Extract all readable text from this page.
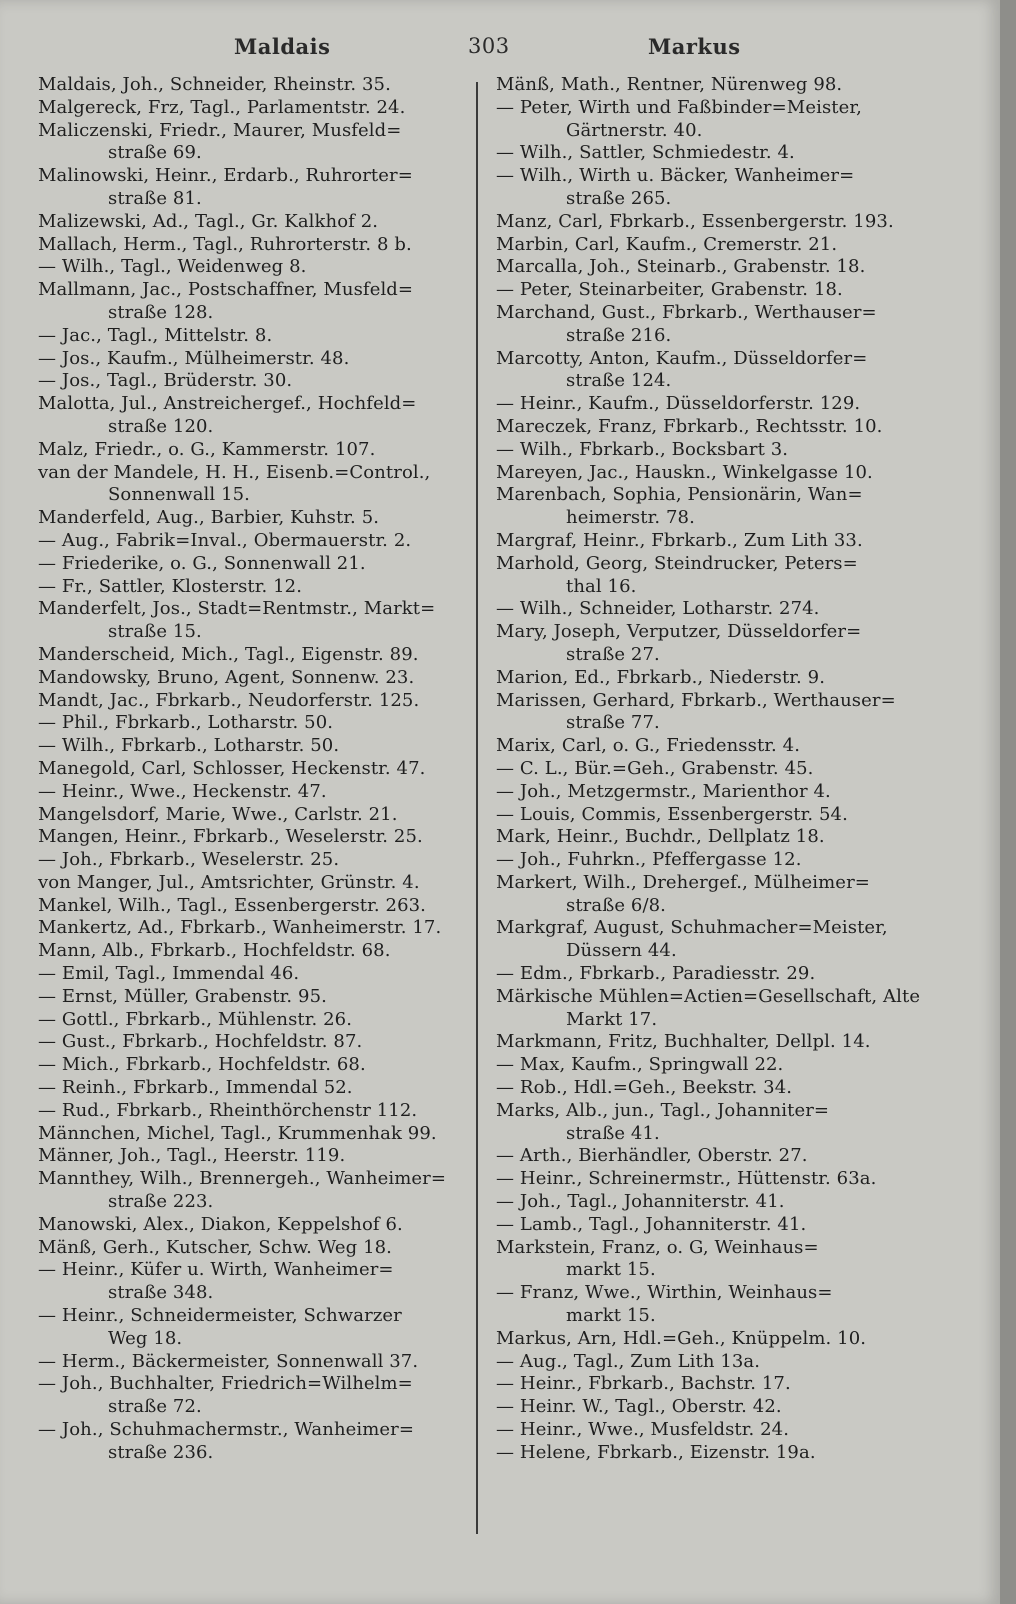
Maldais	303	Markus

Maldais, Joh., Schneider, Rheinstr. 35.

Malgereck, Frz, Tagl., Parlamentstr. 24.

Maliczenski, Friedr., Maurer, Musfeld=
straße 69.

Malinowski, Heinr., Erdarb., Ruhrorter=
straße 81.

Malizewski, Ad., Tagl., Gr. Kalkhof 2.

Mallach, Herm., Tagl., Ruhrorterstr. 8 b.

— Wilh., Tagl., Weidenweg 8.

Mallmann, Jac., Postschaffner, Musfeld=
straße 128.

— Jac., Tagl., Mittelstr. 8.

— Jos., Kaufm., Mülheimerstr. 48.

— Jos., Tagl., Brüderstr. 30.

Malotta, Jul., Anstreichergef., Hochfeld=
straße 120.

Malz, Friedr., o. G., Kammerstr. 107.

van der Mandele, H. H., Eisenb.=Control.,
Sonnenwall 15.

Manderfeld, Aug., Barbier, Kuhstr. 5.

— Aug., Fabrik=Inval., Obermauerstr. 2.

— Friederike, o. G., Sonnenwall 21.

— Fr., Sattler, Klosterstr. 12.

Manderfelt, Jos., Stadt=Rentmstr., Markt=
straße 15.

Manderscheid, Mich., Tagl., Eigenstr. 89.

Mandowsky, Bruno, Agent, Sonnenw. 23.

Mandt, Jac., Fbrkarb., Neudorferstr. 125.

— Phil., Fbrkarb., Lotharstr. 50.

— Wilh., Fbrkarb., Lotharstr. 50.

Manegold, Carl, Schlosser, Heckenstr. 47.

— Heinr., Wwe., Heckenstr. 47.

Mangelsdorf, Marie, Wwe., Carlstr. 21.

Mangen, Heinr., Fbrkarb., Weselerstr. 25.

— Joh., Fbrkarb., Weselerstr. 25.

von Manger, Jul., Amtsrichter, Grünstr. 4.

Mankel, Wilh., Tagl., Essenbergerstr. 263.

Mankertz, Ad., Fbrkarb., Wanheimerstr. 17.

Mann, Alb., Fbrkarb., Hochfeldstr. 68.

— Emil, Tagl., Immendal 46.

— Ernst, Müller, Grabenstr. 95.

— Gottl., Fbrkarb., Mühlenstr. 26.

— Gust., Fbrkarb., Hochfeldstr. 87.

— Mich., Fbrkarb., Hochfeldstr. 68.

— Reinh., Fbrkarb., Immendal 52.

— Rud., Fbrkarb., Rheinthörchenstr 112.

Männchen, Michel, Tagl., Krummenhak 99.

Männer, Joh., Tagl., Heerstr. 119.

Mannthey, Wilh., Brennergeh., Wanheimer=
straße 223.

Manowski, Alex., Diakon, Keppelshof 6.

Mänß, Gerh., Kutscher, Schw. Weg 18.

— Heinr., Küfer u. Wirth, Wanheimer=
straße 348.

— Heinr., Schneidermeister, Schwarzer
Weg 18.

— Herm., Bäckermeister, Sonnenwall 37.

— Joh., Buchhalter, Friedrich=Wilhelm=
straße 72.

— Joh., Schuhmachermstr., Wanheimer=
straße 236.

Mänß, Math., Rentner, Nürenweg 98.

— Peter, Wirth und Faßbinder=Meister,
Gärtnerstr. 40.

— Wilh., Sattler, Schmiedestr. 4.

— Wilh., Wirth u. Bäcker, Wanheimer=
straße 265.

Manz, Carl, Fbrkarb., Essenbergerstr. 193.

Marbin, Carl, Kaufm., Cremerstr. 21.

Marcalla, Joh., Steinarb., Grabenstr. 18.

— Peter, Steinarbeiter, Grabenstr. 18.

Marchand, Gust., Fbrkarb., Werthauser=
straße 216.

Marcotty, Anton, Kaufm., Düsseldorfer=
straße 124.

— Heinr., Kaufm., Düsseldorferstr. 129.

Mareczek, Franz, Fbrkarb., Rechtsstr. 10.

— Wilh., Fbrkarb., Bocksbart 3.

Mareyen, Jac., Hauskn., Winkelgasse 10.

Marenbach, Sophia, Pensionärin, Wan=
heimerstr. 78.

Margraf, Heinr., Fbrkarb., Zum Lith 33.

Marhold, Georg, Steindrucker, Peters=
thal 16.

— Wilh., Schneider, Lotharstr. 274.

Mary, Joseph, Verputzer, Düsseldorfer=
straße 27.

Marion, Ed., Fbrkarb., Niederstr. 9.

Marissen, Gerhard, Fbrkarb., Werthauser=
straße 77.

Marix, Carl, o. G., Friedensstr. 4.

— C. L., Bür.=Geh., Grabenstr. 45.

— Joh., Metzgermstr., Marienthor 4.

— Louis, Commis, Essenbergerstr. 54.

Mark, Heinr., Buchdr., Dellplatz 18.

— Joh., Fuhrkn., Pfeffergasse 12.

Markert, Wilh., Drehergef., Mülheimer=
straße 6/8.

Markgraf, August, Schuhmacher=Meister,
Düssern 44.

— Edm., Fbrkarb., Paradiesstr. 29.

Märkische Mühlen=Actien=Gesellschaft, Alte
Markt 17.

Markmann, Fritz, Buchhalter, Dellpl. 14.

— Max, Kaufm., Springwall 22.

— Rob., Hdl.=Geh., Beekstr. 34.

Marks, Alb., jun., Tagl., Johanniter=
straße 41.

— Arth., Bierhändler, Oberstr. 27.

— Heinr., Schreinermstr., Hüttenstr. 63a.

— Joh., Tagl., Johanniterstr. 41.

— Lamb., Tagl., Johanniterstr. 41.

Markstein, Franz, o. G, Weinhaus=
markt 15.

— Franz, Wwe., Wirthin, Weinhaus=
markt 15.

Markus, Arn, Hdl.=Geh., Knüppelm. 10.

— Aug., Tagl., Zum Lith 13a.

— Heinr., Fbrkarb., Bachstr. 17.

— Heinr. W., Tagl., Oberstr. 42.

— Heinr., Wwe., Musfeldstr. 24.

— Helene, Fbrkarb., Eizenstr. 19a.
